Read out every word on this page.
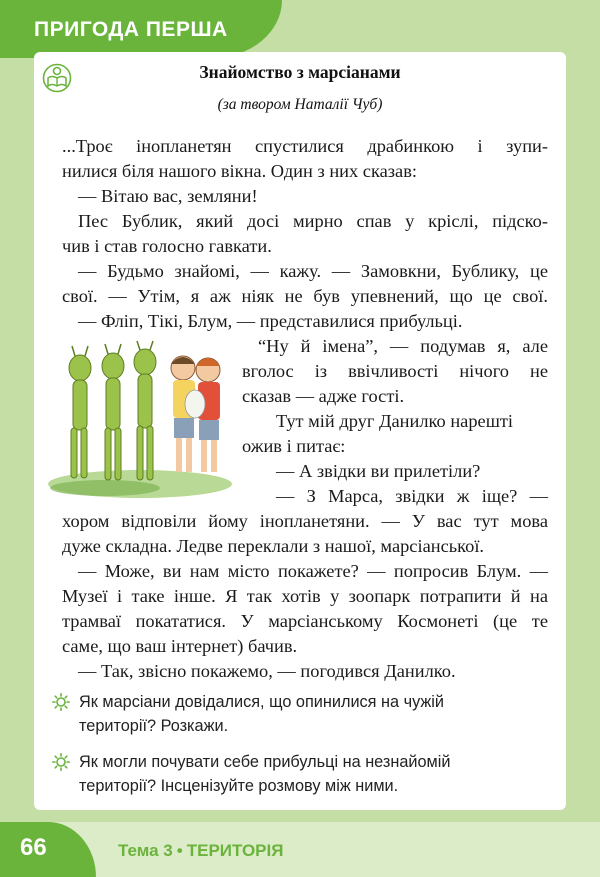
ПРИГОДА ПЕРША
Знайомство з марсіанами
(за твором Наталії Чуб)
...Троє інопланетян спустилися драбинкою і зупи-
нилися біля нашого вікна. Один з них сказав:
— Вітаю вас, земляни!
Пес Бублик, який досі мирно спав у кріслі, підско-
чив і став голосно гавкати.
— Будьмо знайомі, — кажу. — Замовкни, Бублику, це
свої. — Утім, я аж ніяк не був упевнений, що це свої.
— Фліп, Тікі, Блум, — представилися прибульці.
“Ну й імена”, — подумав я, але
вголос із ввічливості нічого не
сказав — адже гості.
Тут мій друг Данилко нарешті
ожив і питає:
— А звідки ви прилетіли?
— З Марса, звідки ж іще? —
хором відповіли йому інопланетяни. — У вас тут мова
дуже складна. Ледве переклали з нашої, марсіанської.
— Може, ви нам місто покажете? — попросив Блум. —
Музеї і таке інше. Я так хотів у зоопарк потрапити й на
трамваї покататися. У марсіанському Космонеті (це те
саме, що ваш інтернет) бачив.
— Так, звісно покажемо, — погодився Данилко.
Як марсіани довідалися, що опинилися на чужій
території? Розкажи.
Як могли почувати себе прибульці на незнайомій
території? Інсценізуйте розмову між ними.
66	Тема 3 • ТЕРИТОРІЯ
